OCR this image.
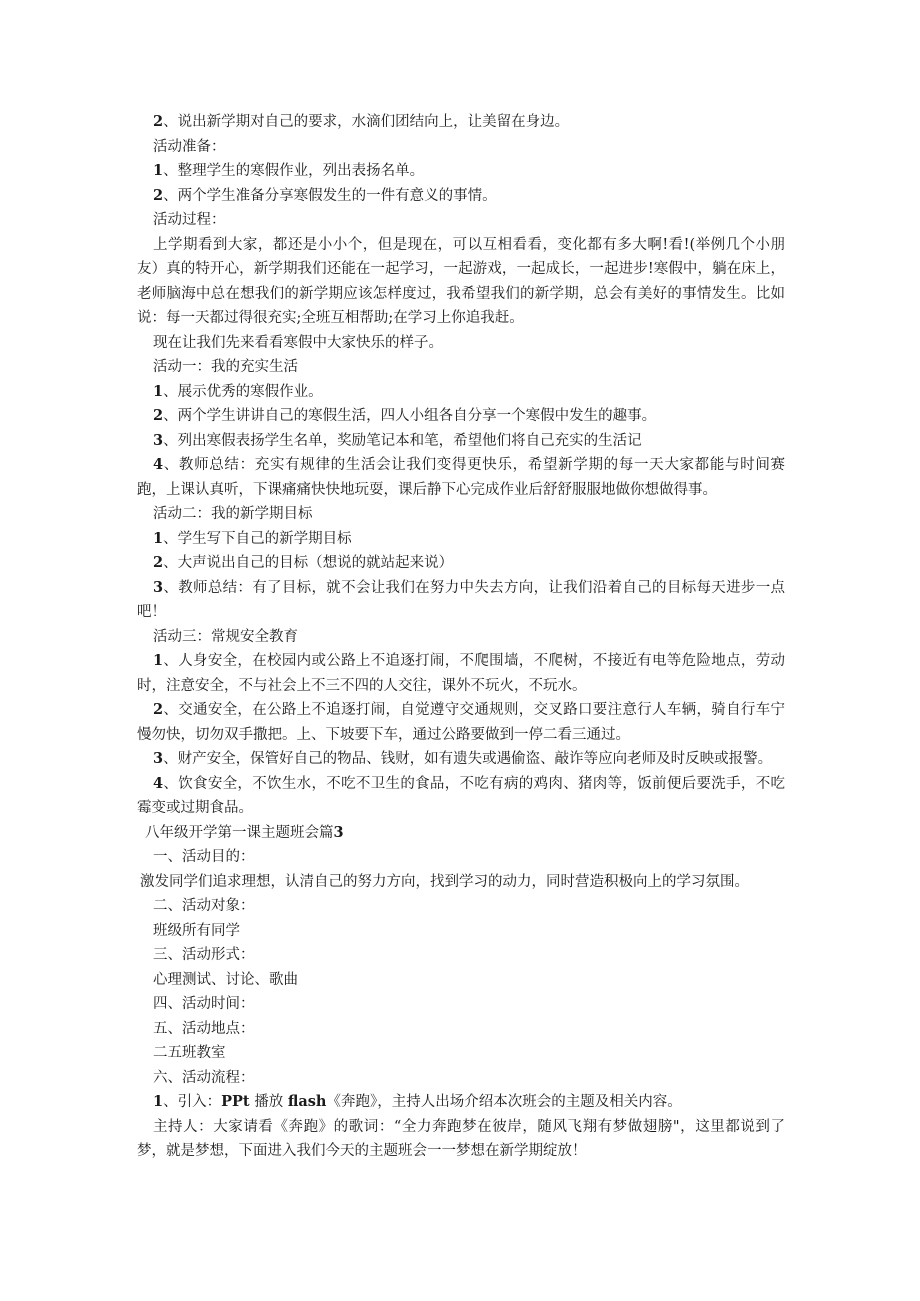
2、说出新学期对自己的要求，水滴们团结向上，让美留在身边。

活动准备：

1、整理学生的寒假作业，列出表扬名单。

2、两个学生准备分享寒假发生的一件有意义的事情。

活动过程：

上学期看到大家，都还是小小个，但是现在，可以互相看看，变化都有多大啊!看!(举例几个小朋友）真的特开心，新学期我们还能在一起学习，一起游戏，一起成长，一起进步!寒假中，躺在床上，老师脑海中总在想我们的新学期应该怎样度过，我希望我们的新学期，总会有美好的事情发生。比如说：每一天都过得很充实;全班互相帮助;在学习上你追我赶。

现在让我们先来看看寒假中大家快乐的样子。

活动一：我的充实生活

1、展示优秀的寒假作业。

2、两个学生讲讲自己的寒假生活，四人小组各自分享一个寒假中发生的趣事。

3、列出寒假表扬学生名单，奖励笔记本和笔，希望他们将自己充实的生活记

4、教师总结：充实有规律的生活会让我们变得更快乐，希望新学期的每一天大家都能与时间赛跑，上课认真听，下课痛痛快快地玩耍，课后静下心完成作业后舒舒服服地做你想做得事。

活动二：我的新学期目标

1、学生写下自己的新学期目标

2、大声说出自己的目标（想说的就站起来说）

3、教师总结：有了目标，就不会让我们在努力中失去方向，让我们沿着自己的目标每天进步一点吧！

活动三：常规安全教育

1、人身安全，在校园内或公路上不追逐打闹，不爬围墙，不爬树，不接近有电等危险地点，劳动时，注意安全，不与社会上不三不四的人交往，课外不玩火，不玩水。

2、交通安全，在公路上不追逐打闹，自觉遵守交通规则，交叉路口要注意行人车辆，骑自行车宁慢勿快，切勿双手撒把。上、下坡要下车，通过公路要做到一停二看三通过。

3、财产安全，保管好自己的物品、钱财，如有遗失或遇偷盗、敲诈等应向老师及时反映或报警。

4、饮食安全，不饮生水，不吃不卫生的食品，不吃有病的鸡肉、猪肉等，饭前便后要洗手，不吃霉变或过期食品。

八年级开学第一课主题班会篇3

一、活动目的：

激发同学们追求理想，认清自己的努力方向，找到学习的动力，同时营造积极向上的学习氛围。

二、活动对象：

班级所有同学

三、活动形式：

心理测试、讨论、歌曲

四、活动时间：

五、活动地点：

二五班教室

六、活动流程：

1、引入：PPt 播放 flash《奔跑》，主持人出场介绍本次班会的主题及相关内容。

主持人：大家请看《奔跑》的歌词：“全力奔跑梦在彼岸，随风飞翔有梦做翅膀"，这里都说到了梦，就是梦想，下面进入我们今天的主题班会一一梦想在新学期绽放！
